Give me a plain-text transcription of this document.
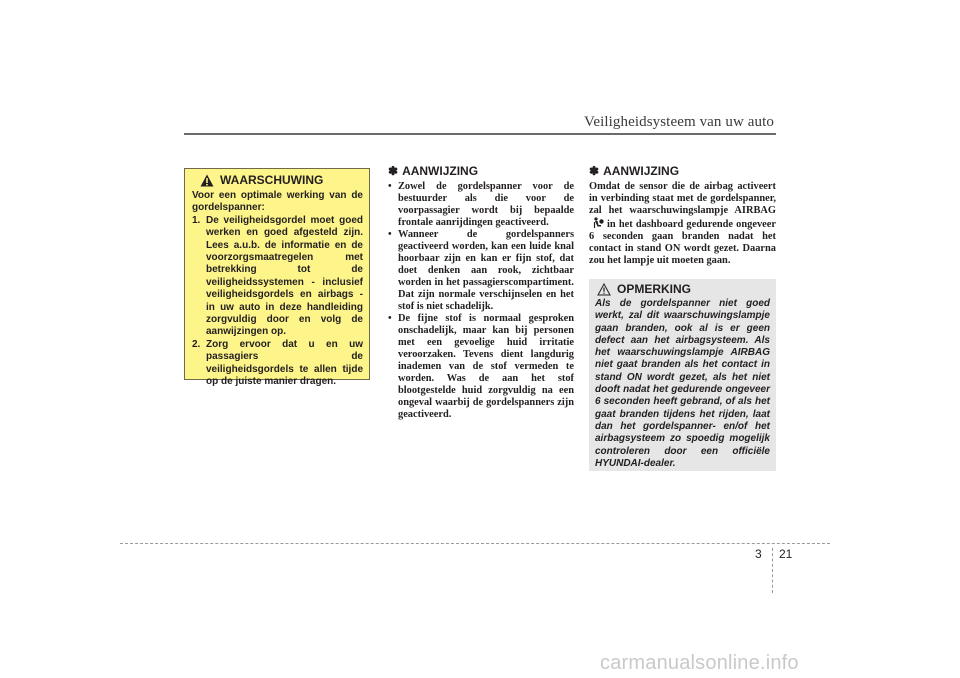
Veiligheidsysteem van uw auto
WAARSCHUWING
Voor een optimale werking van de gordelspanner:
1. De veiligheidsgordel moet goed werken en goed afgesteld zijn. Lees a.u.b. de informatie en de voorzorgsmaatregelen met betrekking tot de veiligheidssystemen - inclusief veiligheidsgordels en airbags - in uw auto in deze handleiding zorgvuldig door en volg de aanwijzingen op.
2. Zorg ervoor dat u en uw passagiers de veiligheidsgordels te allen tijde op de juiste manier dragen.
✽ AANWIJZING
• Zowel de gordelspanner voor de bestuurder als die voor de voorpassagier wordt bij bepaalde frontale aanrijdingen geactiveerd.
• Wanneer de gordelspanners geactiveerd worden, kan een luide knal hoorbaar zijn en kan er fijn stof, dat doet denken aan rook, zichtbaar worden in het passagierscompartiment. Dat zijn normale verschijnselen en het stof is niet schadelijk.
• De fijne stof is normaal gesproken onschadelijk, maar kan bij personen met een gevoelige huid irritatie veroorzaken. Tevens dient langdurig inademen van de stof vermeden te worden. Was de aan het stof blootgestelde huid zorgvuldig na een ongeval waarbij de gordelspanners zijn geactiveerd.
✽ AANWIJZING
Omdat de sensor die de airbag activeert in verbinding staat met de gordelspanner, zal het waarschuwingslampje AIRBAGin het dashboard gedurende ongeveer 6 seconden gaan branden nadat het contact in stand ON wordt gezet. Daarna zou het lampje uit moeten gaan.
OPMERKING
Als de gordelspanner niet goed werkt, zal dit waarschuwingslampje gaan branden, ook al is er geen defect aan het airbagsysteem. Als het waarschuwingslampje AIRBAG niet gaat branden als het contact in stand ON wordt gezet, als het niet dooft nadat het gedurende ongeveer 6 seconden heeft gebrand, of als het gaat branden tijdens het rijden, laat dan het gordelspanner- en/of het airbagsysteem zo spoedig mogelijk controleren door een officiële HYUNDAI-dealer.
3 21
carmanualsonline.info
